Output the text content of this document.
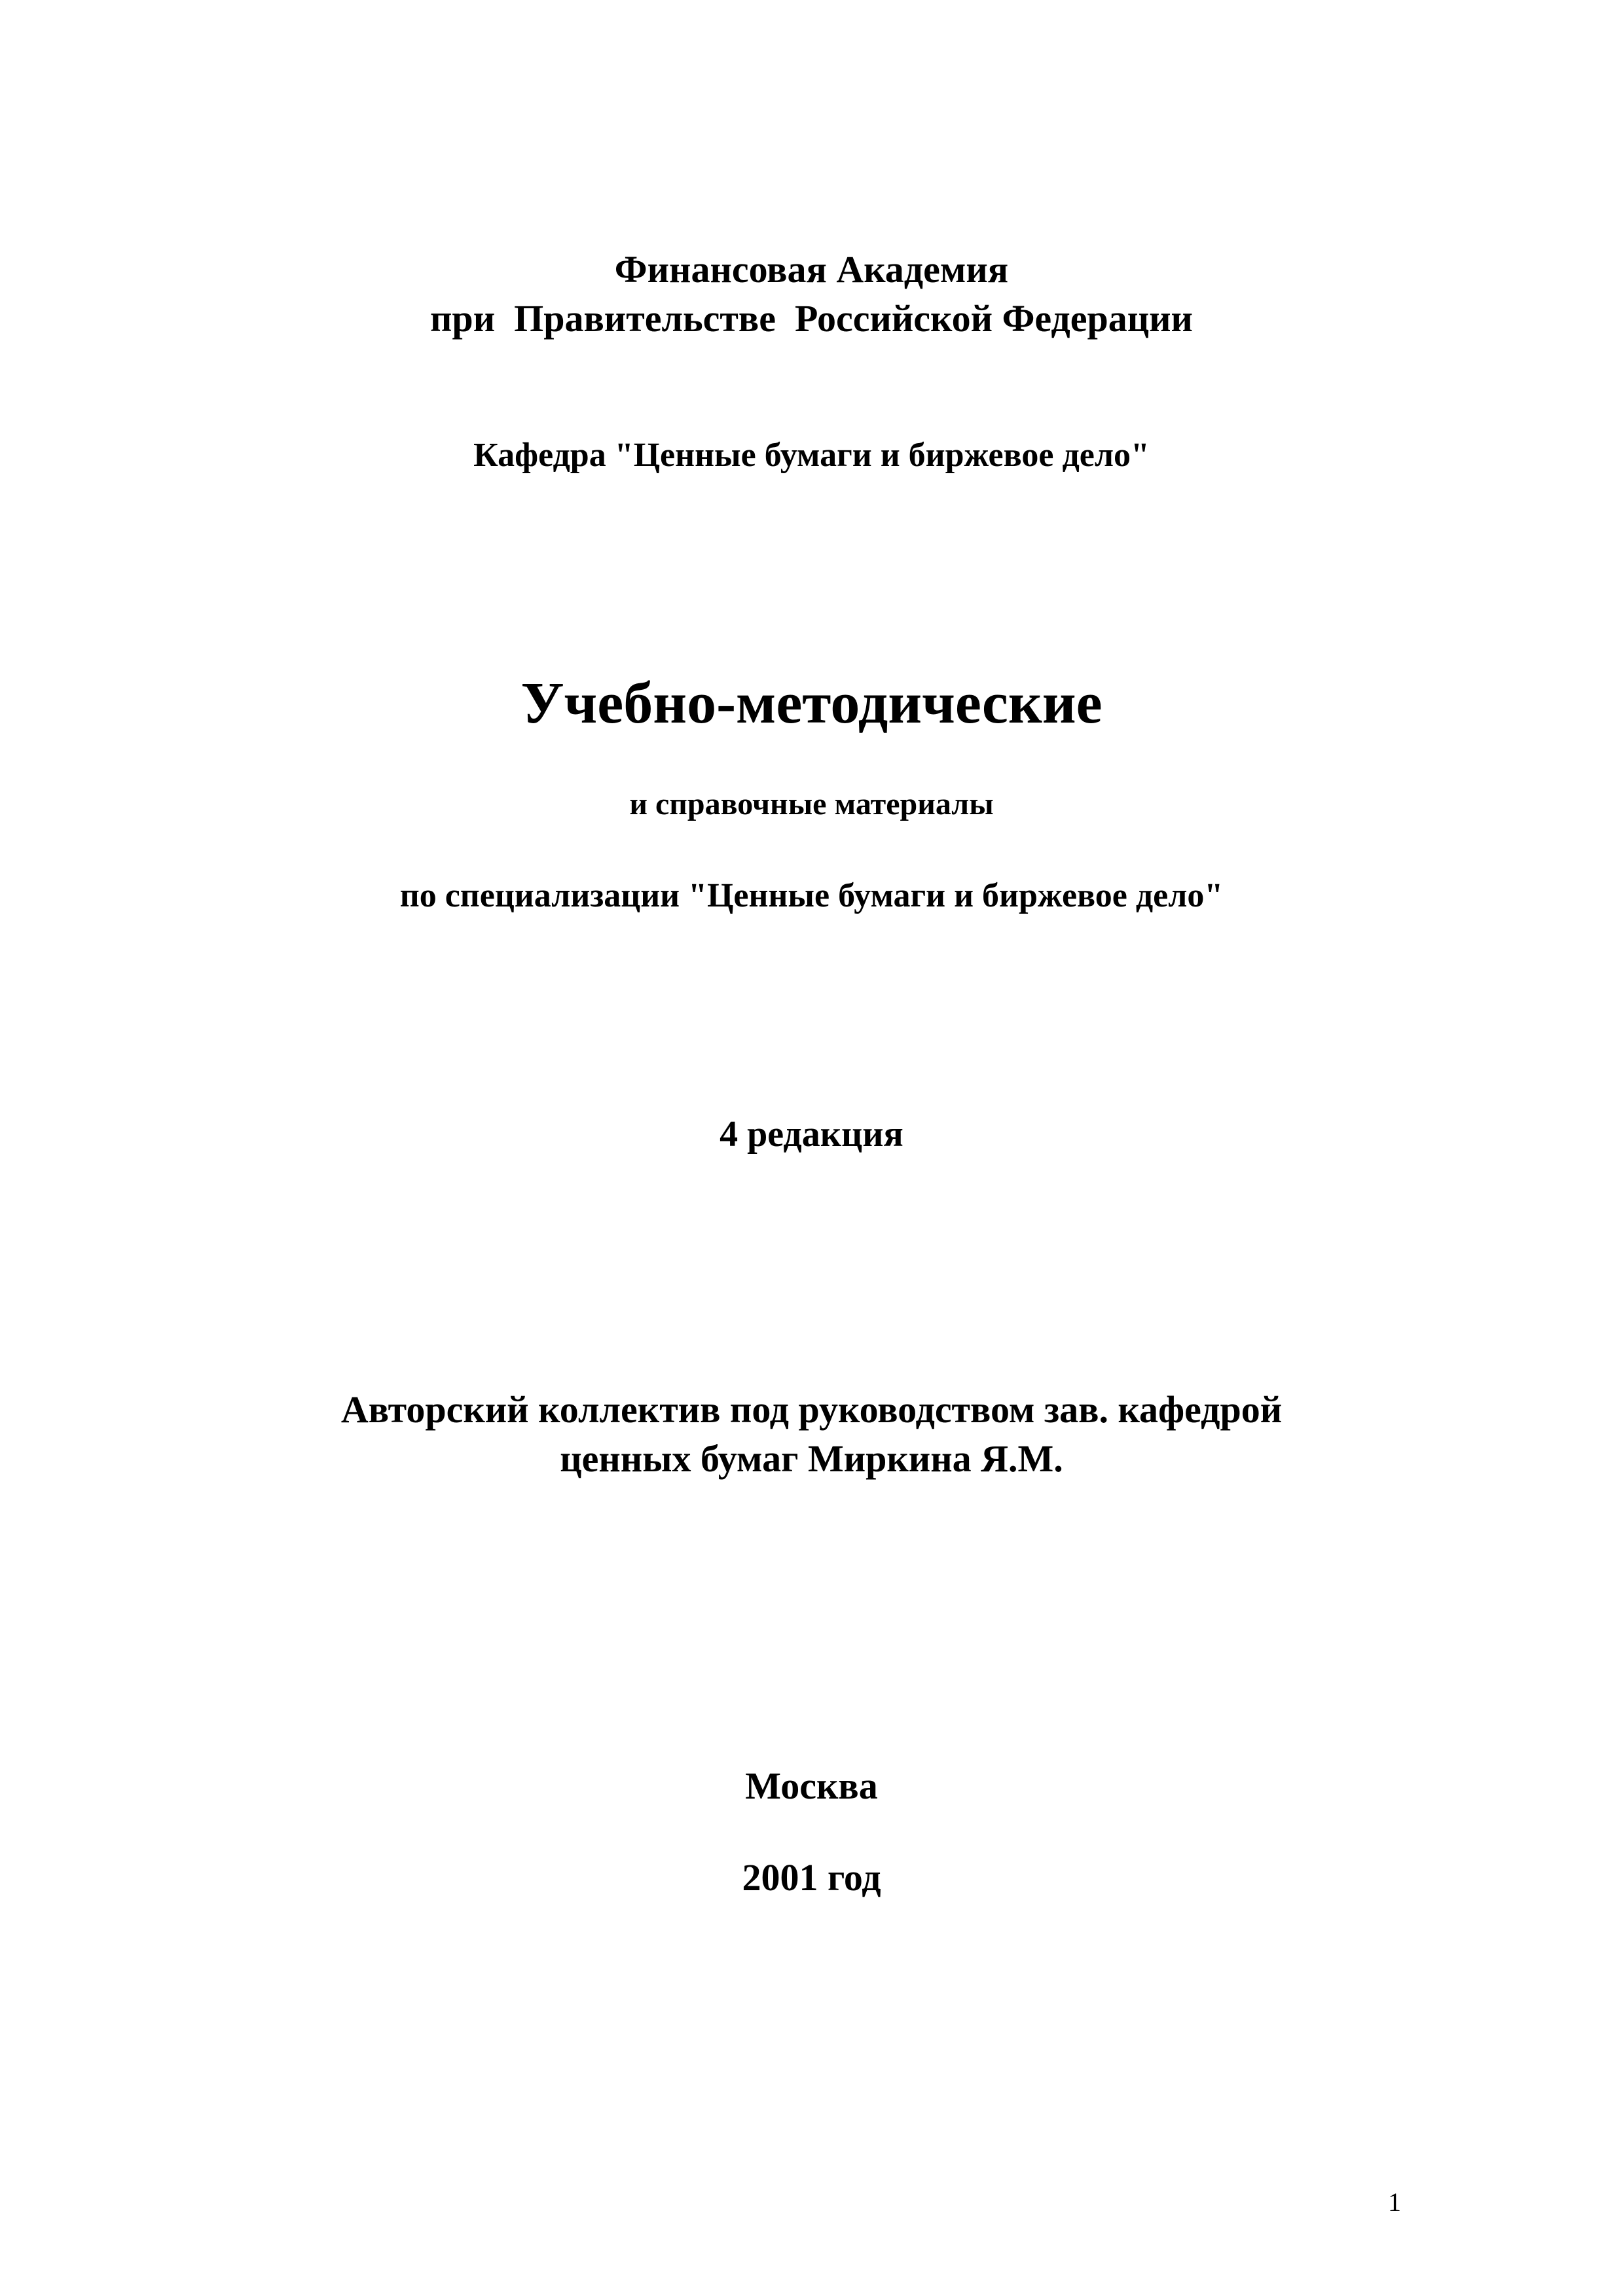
Финансовая Академия
при  Правительстве  Российской Федерации
Кафедра "Ценные бумаги и биржевое дело"
Учебно-методические
и справочные материалы
по специализации "Ценные бумаги и биржевое дело"
4 редакция
Авторский коллектив под руководством зав. кафедрой
ценных бумаг Миркина Я.М.
Москва
2001 год
1
